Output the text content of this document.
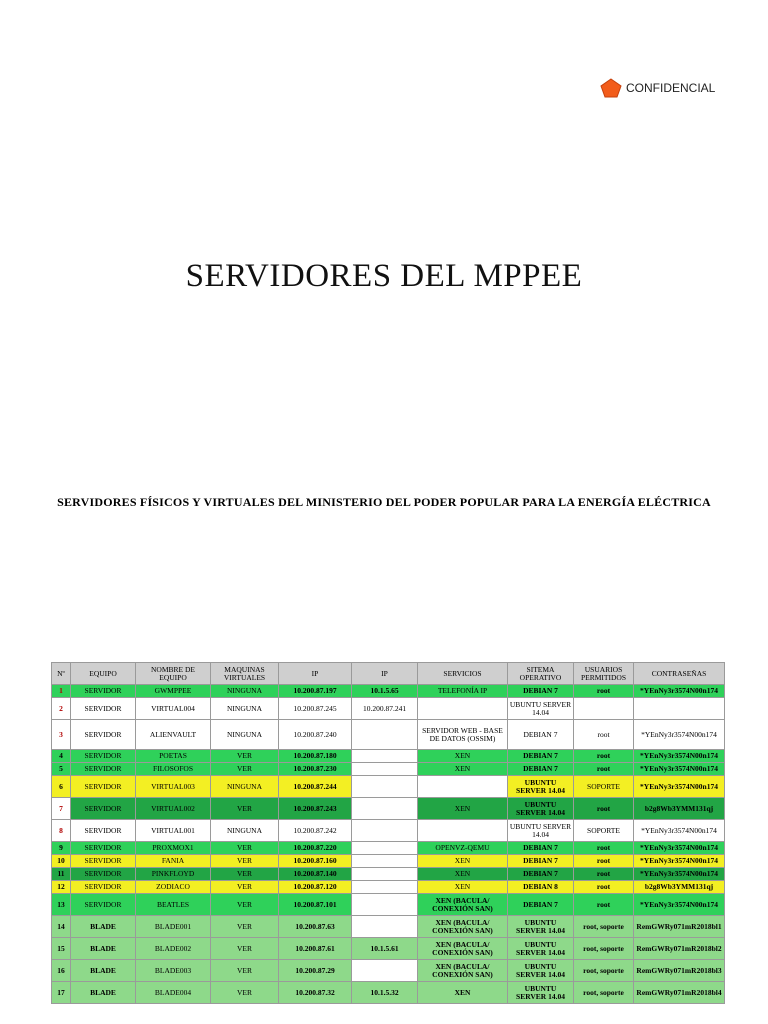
CONFIDENCIAL
SERVIDORES DEL MPPEE
SERVIDORES FÍSICOS Y VIRTUALES DEL MINISTERIO DEL PODER POPULAR PARA LA ENERGÍA ELÉCTRICA
Nº	EQUIPO	NOMBRE DE EQUIPO	MAQUINAS VIRTUALES	IP	IP	SERVICIOS	SITEMA OPERATIVO	USUARIOS PERMITIDOS	CONTRASEÑAS
1	SERVIDOR	GWMPPEE	NINGUNA	10.200.87.197	10.1.5.65	TELEFONÍA IP	DEBIAN 7	root	*YEnNy3r3574N00n174
2	SERVIDOR	VIRTUAL004	NINGUNA	10.200.87.245	10.200.87.241		UBUNTU SERVER 14.04		
3	SERVIDOR	ALIENVAULT	NINGUNA	10.200.87.240		SERVIDOR WEB - BASE DE DATOS (OSSIM)	DEBIAN 7	root	*YEnNy3r3574N00n174
4	SERVIDOR	POETAS	VER	10.200.87.180		XEN	DEBIAN 7	root	*YEnNy3r3574N00n174
5	SERVIDOR	FILOSOFOS	VER	10.200.87.230		XEN	DEBIAN 7	root	*YEnNy3r3574N00n174
6	SERVIDOR	VIRTUAL003	NINGUNA	10.200.87.244			UBUNTU SERVER 14.04	SOPORTE	*YEnNy3r3574N00n174
7	SERVIDOR	VIRTUAL002	VER	10.200.87.243		XEN	UBUNTU SERVER 14.04	root	b2g8Wb3YMM131qj
8	SERVIDOR	VIRTUAL001	NINGUNA	10.200.87.242			UBUNTU SERVER 14.04	SOPORTE	*YEnNy3r3574N00n174
9	SERVIDOR	PROXMOX1	VER	10.200.87.220		OPENVZ-QEMU	DEBIAN 7	root	*YEnNy3r3574N00n174
10	SERVIDOR	FANIA	VER	10.200.87.160		XEN	DEBIAN 7	root	*YEnNy3r3574N00n174
11	SERVIDOR	PINKFLOYD	VER	10.200.87.140		XEN	DEBIAN 7	root	*YEnNy3r3574N00n174
12	SERVIDOR	ZODIACO	VER	10.200.87.120		XEN	DEBIAN 8	root	b2g8Wb3YMM131qj
13	SERVIDOR	BEATLES	VER	10.200.87.101		XEN (BACULA/ CONEXIÓN SAN)	DEBIAN 7	root	*YEnNy3r3574N00n174
14	BLADE	BLADE001	VER	10.200.87.63		XEN (BACULA/ CONEXIÓN SAN)	UBUNTU SERVER 14.04	root, soporte	RemGWRy071mR2018bl1
15	BLADE	BLADE002	VER	10.200.87.61	10.1.5.61	XEN (BACULA/ CONEXIÓN SAN)	UBUNTU SERVER 14.04	root, soporte	RemGWRy071mR2018bl2
16	BLADE	BLADE003	VER	10.200.87.29		XEN (BACULA/ CONEXIÓN SAN)	UBUNTU SERVER 14.04	root, soporte	RemGWRy071mR2018bl3
17	BLADE	BLADE004	VER	10.200.87.32	10.1.5.32	XEN	UBUNTU SERVER 14.04	root, soporte	RemGWRy071mR2018bl4
